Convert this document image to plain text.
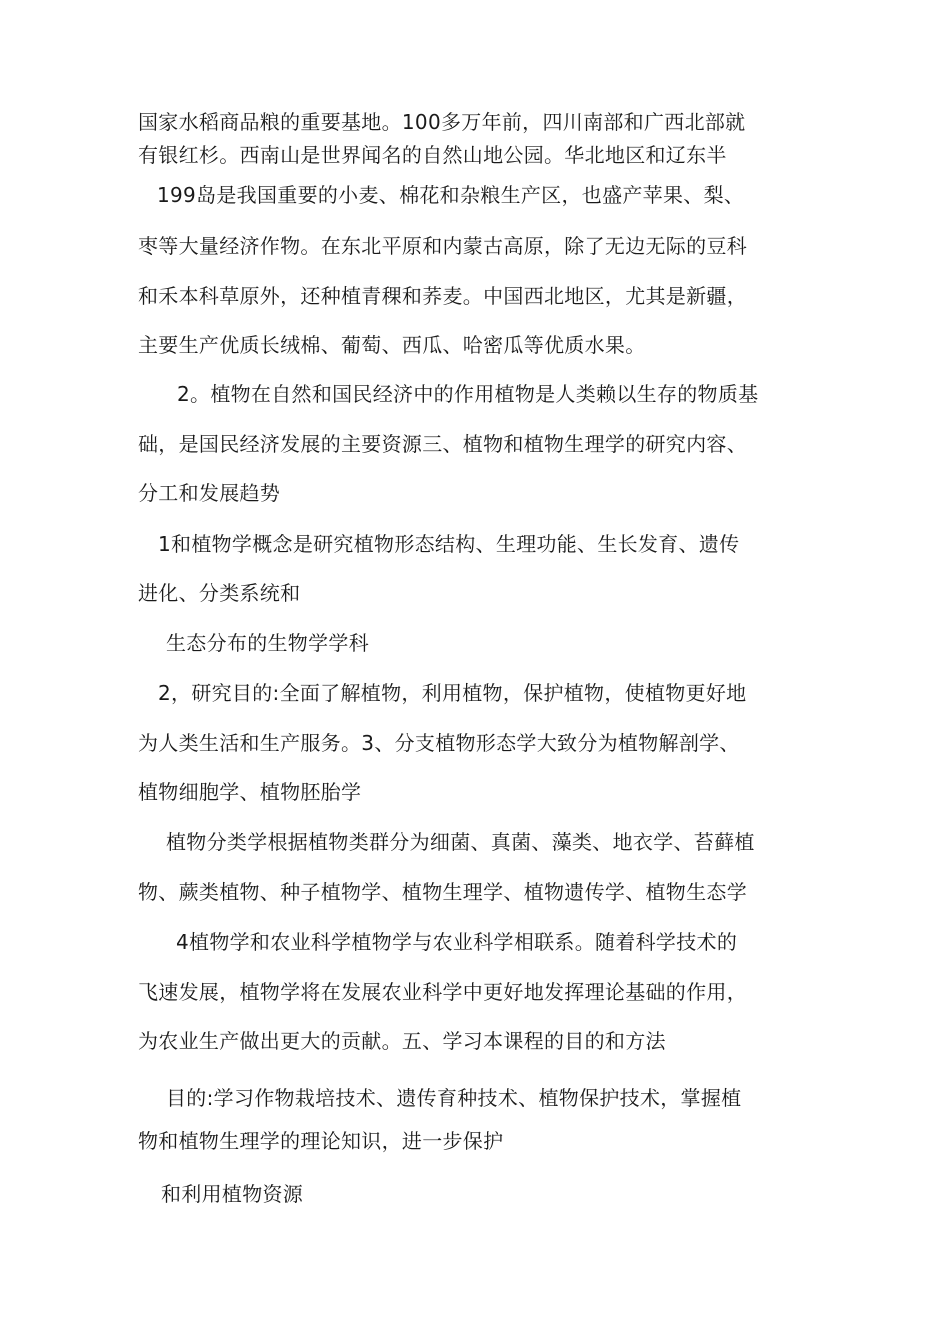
国家水稻商品粮的重要基地。100多万年前，四川南部和广西北部就
有银红杉。西南山是世界闻名的自然山地公园。华北地区和辽东半
199岛是我国重要的小麦、棉花和杂粮生产区，也盛产苹果、梨、
枣等大量经济作物。在东北平原和内蒙古高原，除了无边无际的豆科
和禾本科草原外，还种植青稞和荞麦。中国西北地区，尤其是新疆，
主要生产优质长绒棉、葡萄、西瓜、哈密瓜等优质水果。
2。植物在自然和国民经济中的作用植物是人类赖以生存的物质基
础，是国民经济发展的主要资源三、植物和植物生理学的研究内容、
分工和发展趋势
1和植物学概念是研究植物形态结构、生理功能、生长发育、遗传
进化、分类系统和
生态分布的生物学学科
2，研究目的:全面了解植物，利用植物，保护植物，使植物更好地
为人类生活和生产服务。3、分支植物形态学大致分为植物解剖学、
植物细胞学、植物胚胎学
植物分类学根据植物类群分为细菌、真菌、藻类、地衣学、苔藓植
物、蕨类植物、种子植物学、植物生理学、植物遗传学、植物生态学
4植物学和农业科学植物学与农业科学相联系。随着科学技术的
飞速发展，植物学将在发展农业科学中更好地发挥理论基础的作用，
为农业生产做出更大的贡献。五、学习本课程的目的和方法
目的:学习作物栽培技术、遗传育种技术、植物保护技术，掌握植
物和植物生理学的理论知识，进一步保护
和利用植物资源
